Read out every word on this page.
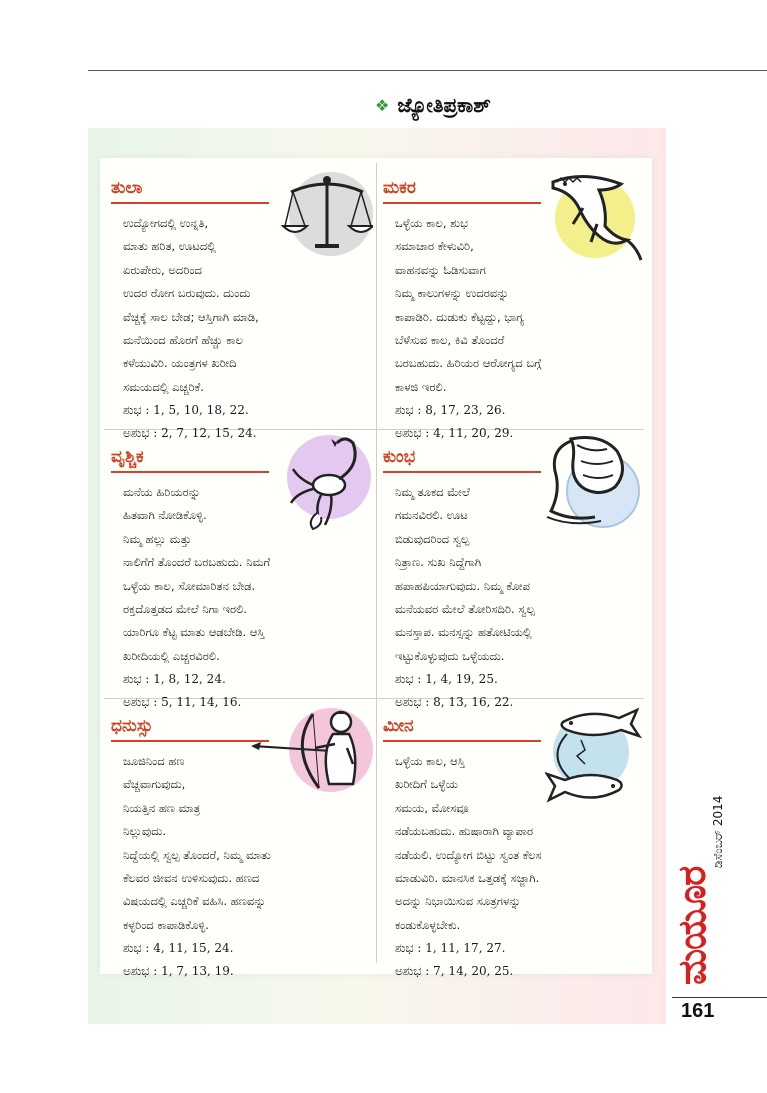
❖ ಜ್ಯೋತಿಪ್ರಕಾಶ್
ತುಲಾ
ಉದ್ಯೋಗದಲ್ಲಿ ಉನ್ನತಿ,
ಮಾತು ಹರಿತ, ಊಟದಲ್ಲಿ
ಏರುಪೇರು, ಅದರಿಂದ
ಉದರ ರೋಗ ಬರುವುದು. ದುಂದು
ವೆಚ್ಚಕ್ಕೆ ಸಾಲ ಬೇಡ; ಆಸ್ತಿಗಾಗಿ ಮಾಡಿ,
ಮನೆಯಿಂದ ಹೊರಗೆ ಹೆಚ್ಚು ಕಾಲ
ಕಳೆಯುವಿರಿ. ಯಂತ್ರಗಳ ಖರೀದಿ
ಸಮಯದಲ್ಲಿ ಎಚ್ಚರಿಕೆ.
ಶುಭ : 1, 5, 10, 18, 22.
ಅಶುಭ : 2, 7, 12, 15, 24.
ಮಕರ
ಒಳ್ಳೆಯ ಕಾಲ, ಶುಭ
ಸಮಾಚಾರ ಕೇಳುವಿರಿ,
ವಾಹನವನ್ನು ಓಡಿಸುವಾಗ
ನಿಮ್ಮ ಕಾಲುಗಳನ್ನು ಉದರವನ್ನು
ಕಾಪಾಡಿರಿ. ದುಡುಕು ಕೆಟ್ಟದ್ದು, ಭಾಗ್ಯ
ಬೆಳೆಸುವ ಕಾಲ, ಕಿವಿ ತೊಂದರೆ
ಬರಬಹುದು. ಹಿರಿಯರ ಆರೋಗ್ಯದ ಬಗ್ಗೆ
ಕಾಳಜಿ ಇರಲಿ.
ಶುಭ : 8, 17, 23, 26.
ಅಶುಭ : 4, 11, 20, 29.
ವೃಶ್ಚಿಕ
ಮನೆಯ ಹಿರಿಯರನ್ನು
ಹಿತವಾಗಿ ನೋಡಿಕೊಳ್ಳಿ.
ನಿಮ್ಮ ಹಲ್ಲು ಮತ್ತು
ನಾಲಿಗೆಗೆ ತೊಂದರೆ ಬರಬಹುದು. ನಿಮಗೆ
ಒಳ್ಳೆಯ ಕಾಲ, ಸೋಮಾರಿತನ ಬೇಡ.
ರಕ್ತದೊತ್ತಡದ ಮೇಲೆ ನಿಗಾ ಇರಲಿ.
ಯಾರಿಗೂ ಕೆಟ್ಟ ಮಾತು ಆಡಬೇಡಿ. ಆಸ್ತಿ
ಖರೀದಿಯಲ್ಲಿ ಎಚ್ಚರವಿರಲಿ.
ಶುಭ : 1, 8, 12, 24.
ಅಶುಭ : 5, 11, 14, 16.
ಕುಂಭ
ನಿಮ್ಮ ತೂಕದ ಮೇಲೆ
ಗಮನವಿರಲಿ. ಊಟ
ಬಿಡುವುದರಿಂದ ಸ್ವಲ್ಪ
ನಿತ್ರಾಣ. ಸುಖ ನಿದ್ದೆಗಾಗಿ
ಹಪಾಹಪಿಯಾಗುವುದು. ನಿಮ್ಮ ಕೋಪ
ಮನೆಯವರ ಮೇಲೆ ತೋರಿಸದಿರಿ. ಸ್ವಲ್ಪ
ಮನಸ್ತಾಪ. ಮನಸ್ಸನ್ನು ಹತೋಟಿಯಲ್ಲಿ
ಇಟ್ಟುಕೊಳ್ಳುವುದು ಒಳ್ಳೆಯದು.
ಶುಭ : 1, 4, 19, 25.
ಅಶುಭ : 8, 13, 16, 22.
ಧನುಸ್ಸು
ಜೂಜಿನಿಂದ ಹಣ
ವೆಚ್ಚವಾಗುವುದು,
ನಿಯತ್ತಿನ ಹಣ ಮಾತ್ರ
ನಿಲ್ಲುವುದು.
ನಿದ್ದೆಯಲ್ಲಿ ಸ್ವಲ್ಪ ತೊಂದರೆ, ನಿಮ್ಮ ಮಾತು
ಕೆಲವರ ಜೀವನ ಉಳಿಸುವುದು. ಹಣದ
ವಿಷಯದಲ್ಲಿ ಎಚ್ಚರಿಕೆ ವಹಿಸಿ. ಹಣವನ್ನು
ಕಳ್ಳರಿಂದ ಕಾಪಾಡಿಕೊಳ್ಳಿ.
ಶುಭ : 4, 11, 15, 24.
ಅಶುಭ : 1, 7, 13, 19.
ಮೀನ
ಒಳ್ಳೆಯ ಕಾಲ, ಆಸ್ತಿ
ಖರೀದಿಗೆ ಒಳ್ಳೆಯ
ಸಮಯ, ಮೋಸವೂ
ನಡೆಯಬಹುದು. ಹುಷಾರಾಗಿ ವ್ಯಾಪಾರ
ನಡೆಯಲಿ. ಉದ್ಯೋಗ ಬಿಟ್ಟು ಸ್ವಂತ ಕೆಲಸ
ಮಾಡುವಿರಿ. ಮಾನಸಿಕ ಒತ್ತಡಕ್ಕೆ ಸಜ್ಜಾಗಿ.
ಅದನ್ನು ನಿಭಾಯಿಸುವ ಸೂತ್ರಗಳನ್ನು
ಕಂಡುಕೊಳ್ಳಬೇಕು.
ಶುಭ : 1, 11, 17, 27.
ಅಶುಭ : 7, 14, 20, 25.
ಡಿಸೆಂಬರ್ 2014
ಮಯೂರ
161
